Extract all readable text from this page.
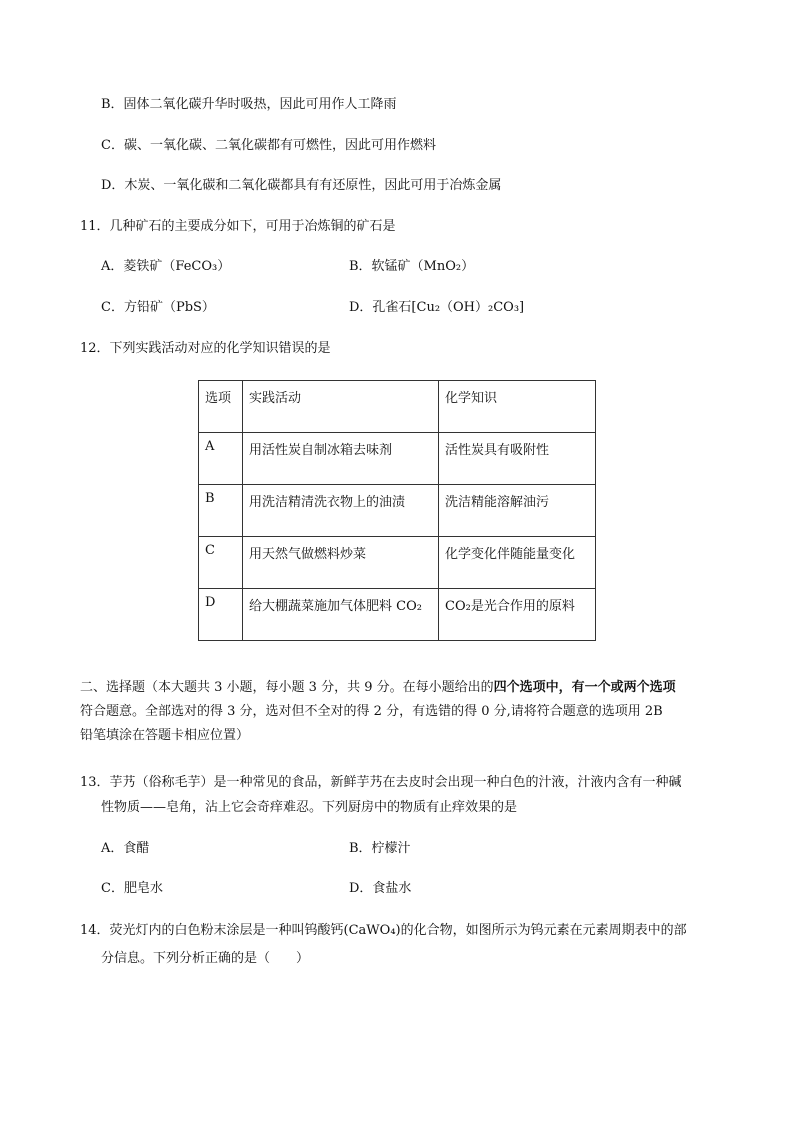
B．固体二氧化碳升华时吸热，因此可用作人工降雨
C．碳、一氧化碳、二氧化碳都有可燃性，因此可用作燃料
D．木炭、一氧化碳和二氧化碳都具有有还原性，因此可用于冶炼金属
11．几种矿石的主要成分如下，可用于冶炼铜的矿石是
A．菱铁矿（FeCO₃）	B．软锰矿（MnO₂）
C．方铅矿（PbS）	D．孔雀石[Cu₂（OH）₂CO₃]
12．下列实践活动对应的化学知识错误的是
选项	实践活动	化学知识
A	用活性炭自制冰箱去味剂	活性炭具有吸附性
B	用洗洁精清洗衣物上的油渍	洗洁精能溶解油污
C	用天然气做燃料炒菜	化学变化伴随能量变化
D	给大棚蔬菜施加气体肥料 CO₂	CO₂是光合作用的原料
二、选择题（本大题共 3 小题，每小题 3 分，共 9 分。在每小题给出的四个选项中，有一个或两个选项
符合题意。全部选对的得 3 分，选对但不全对的得 2 分，有选错的得 0 分,请将符合题意的选项用 2B
铅笔填涂在答题卡相应位置）
13．芋艿（俗称毛芋）是一种常见的食品，新鲜芋艿在去皮时会出现一种白色的汁液，汁液内含有一种碱
性物质——皂角，沾上它会奇痒难忍。下列厨房中的物质有止痒效果的是
A．食醋	B．柠檬汁
C．肥皂水	D．食盐水
14．荧光灯内的白色粉末涂层是一种叫钨酸钙(CaWO₄)的化合物，如图所示为钨元素在元素周期表中的部
分信息。下列分析正确的是（　　）
